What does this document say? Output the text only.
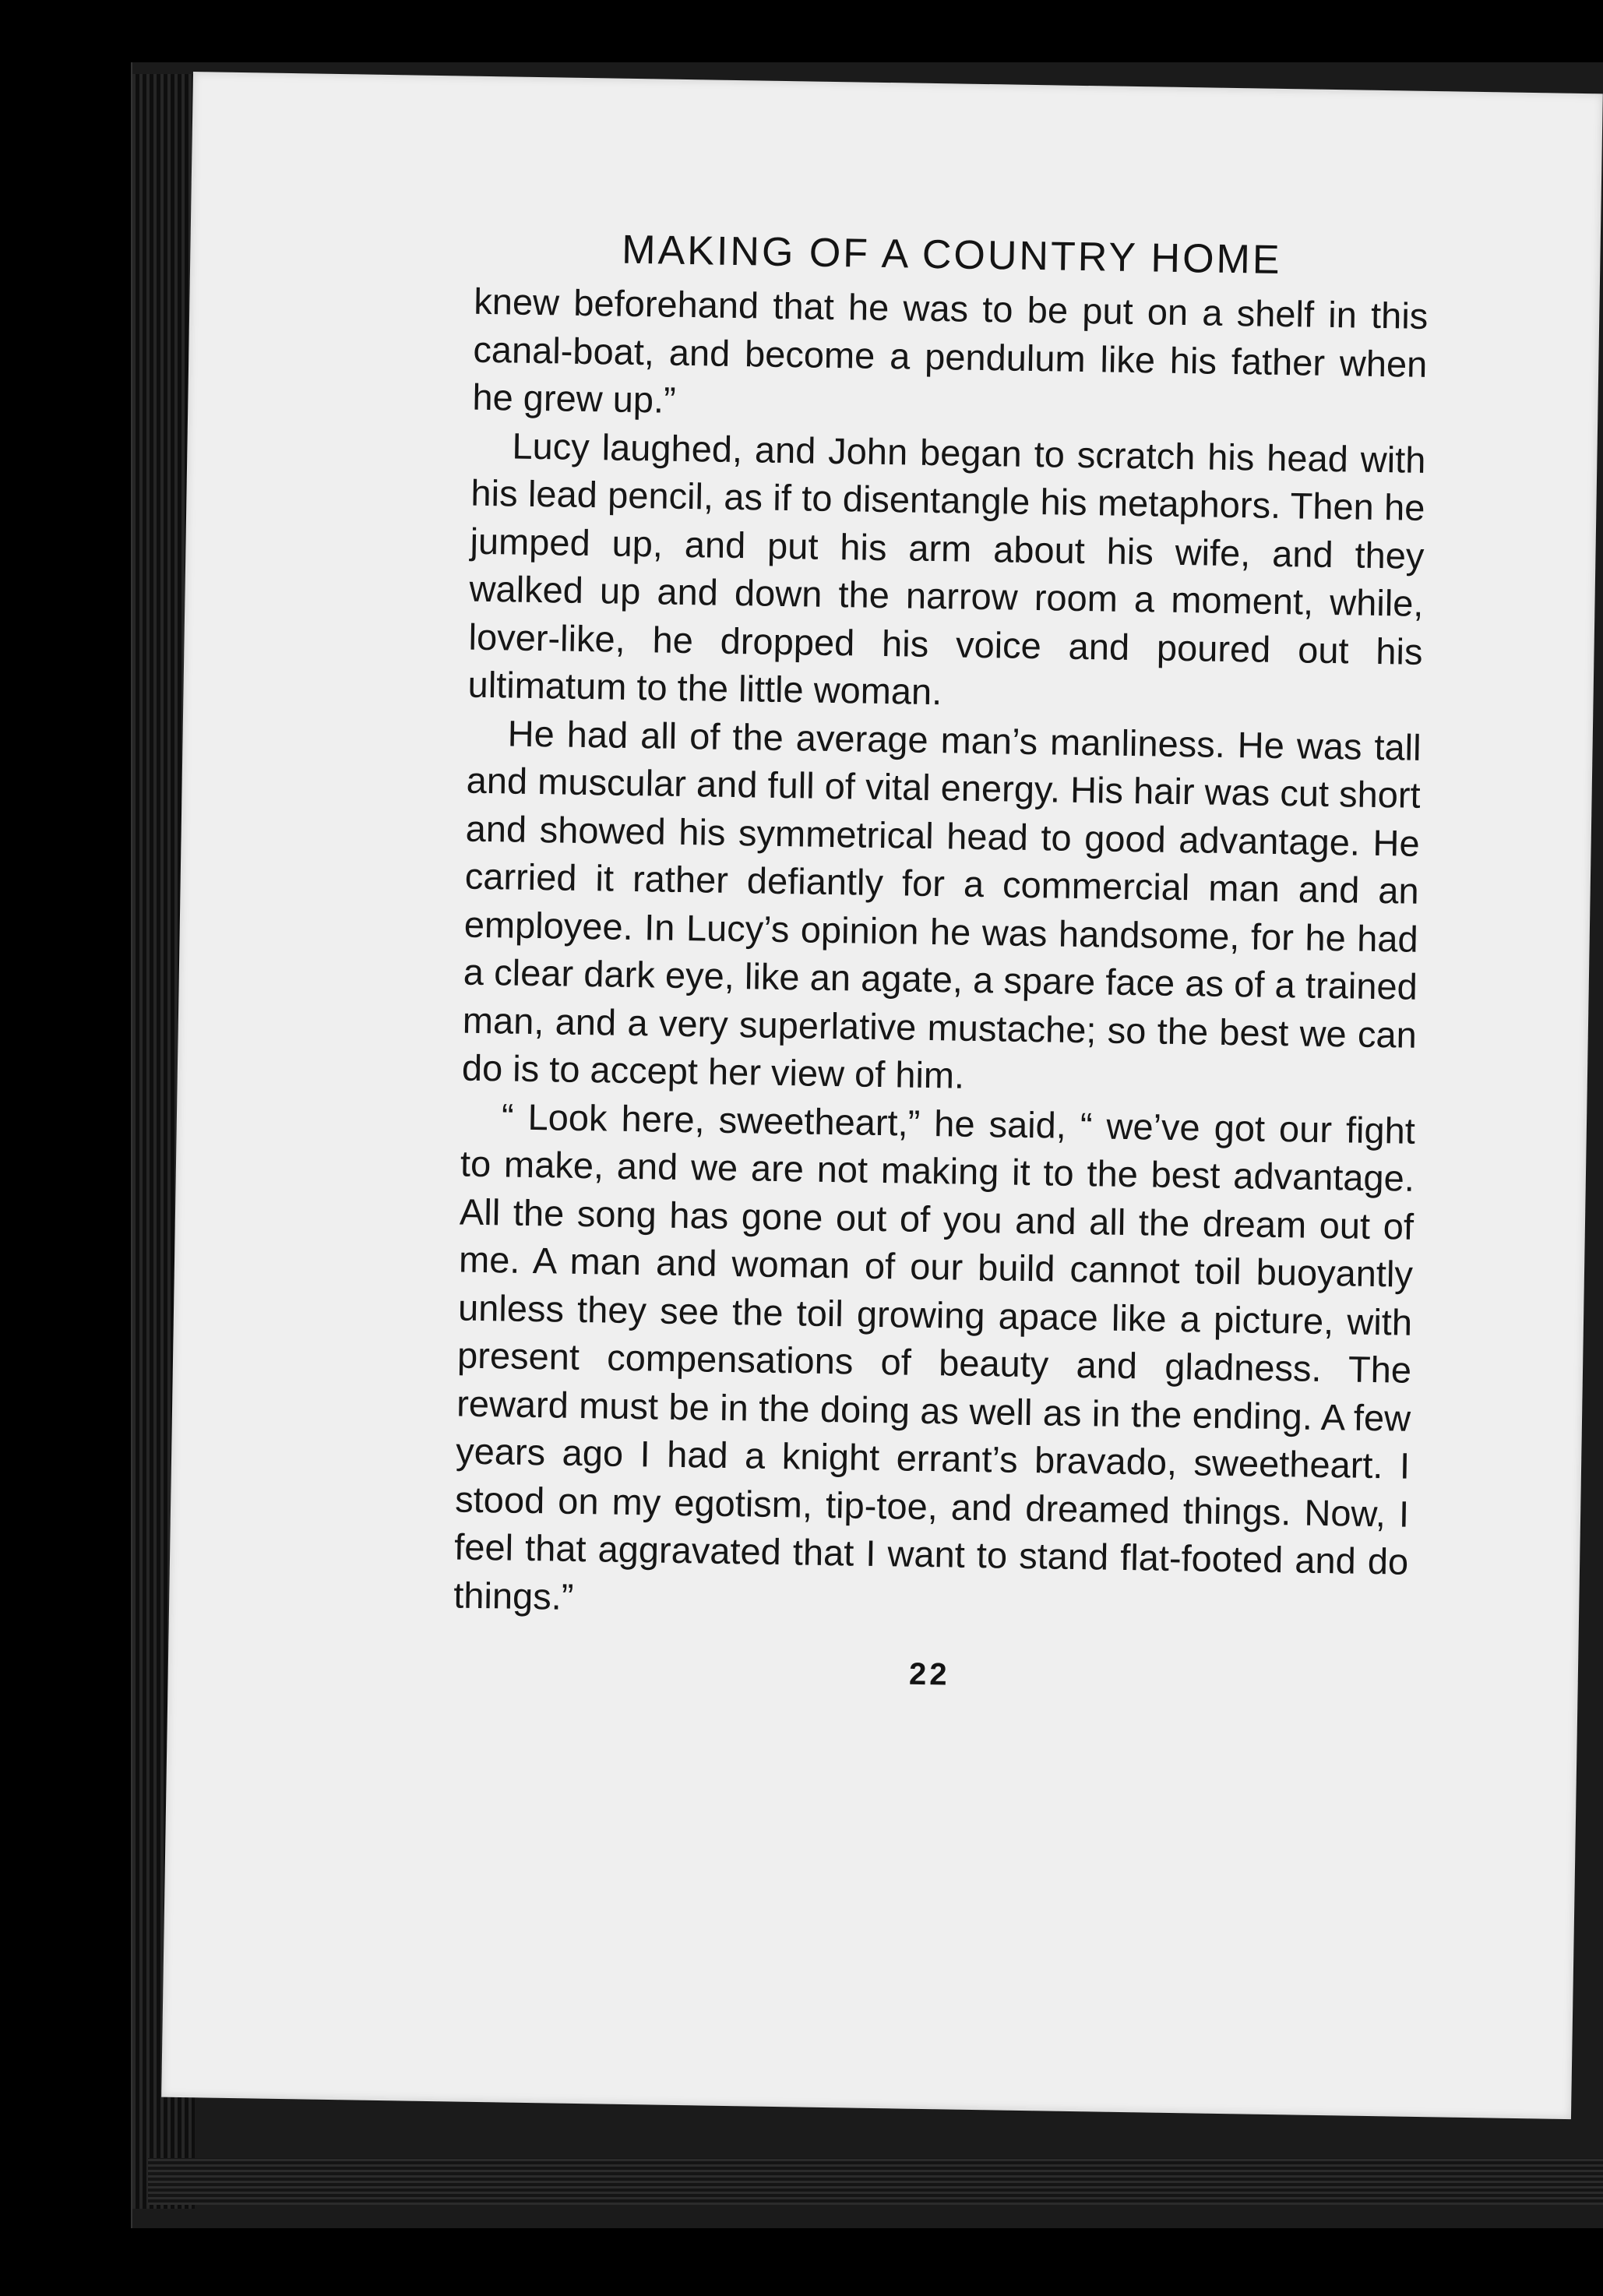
MAKING OF A COUNTRY HOME

knew beforehand that he was to be put on a shelf in this canal-boat, and become a pendulum like his father when he grew up.”

Lucy laughed, and John began to scratch his head with his lead pencil, as if to disentangle his metaphors. Then he jumped up, and put his arm about his wife, and they walked up and down the narrow room a moment, while, lover-like, he dropped his voice and poured out his ultimatum to the little woman.

He had all of the average man’s manliness. He was tall and muscular and full of vital energy. His hair was cut short and showed his symmetrical head to good advantage. He carried it rather defiantly for a commercial man and an employee. In Lucy’s opinion he was handsome, for he had a clear dark eye, like an agate, a spare face as of a trained man, and a very superlative mustache; so the best we can do is to accept her view of him.

“ Look here, sweetheart,” he said, “ we’ve got our fight to make, and we are not making it to the best advantage. All the song has gone out of you and all the dream out of me. A man and woman of our build cannot toil buoyantly unless they see the toil growing apace like a picture, with present compensations of beauty and gladness. The reward must be in the doing as well as in the ending. A few years ago I had a knight errant’s bravado, sweetheart. I stood on my egotism, tip-toe, and dreamed things. Now, I feel that aggravated that I want to stand flat-footed and do things.”

22
